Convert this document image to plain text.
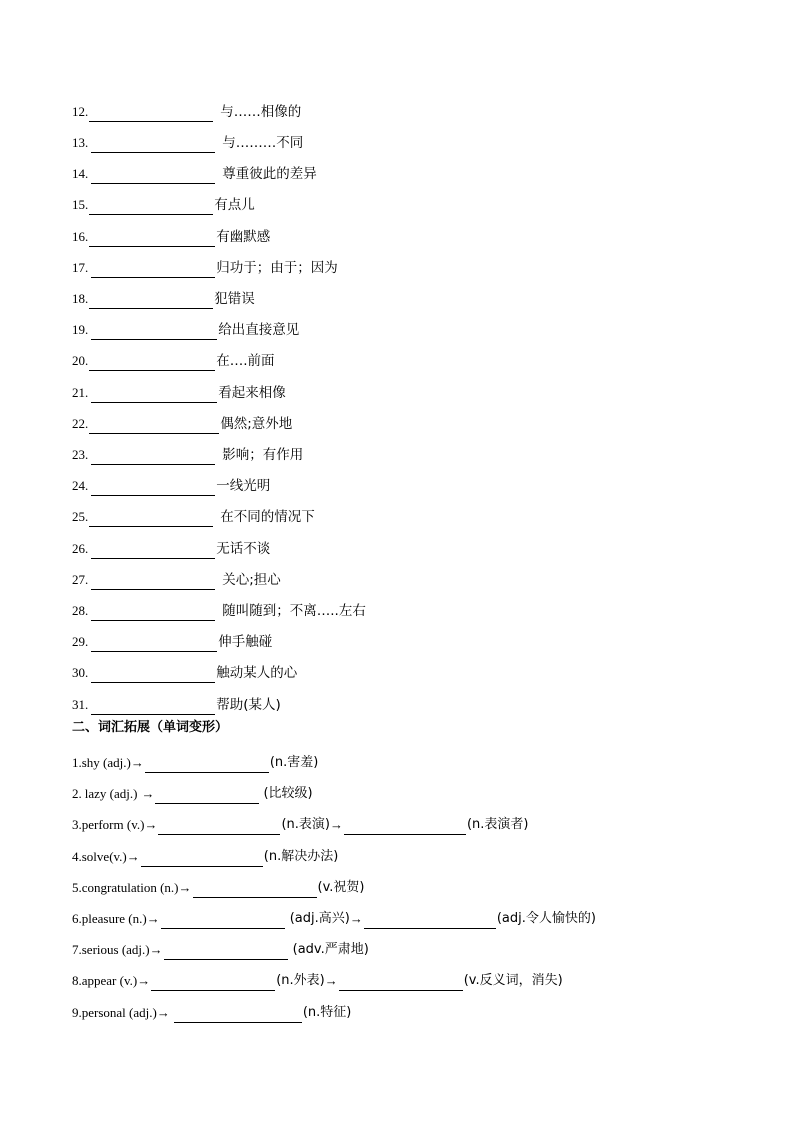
12.	与……相像的
13.	与………不同
14.	尊重彼此的差异
15.	有点儿
16.	有幽默感
17.	归功于；由于；因为
18.	犯错误
19.	给出直接意见
20.	在….前面
21.	看起来相像
22.	偶然;意外地
23.	影响；有作用
24.	一线光明
25.	在不同的情况下
26.	无话不谈
27.	关心;担心
28.	随叫随到；不离…..左右
29.	伸手触碰
30.	触动某人的心
31.	帮助(某人)
二、词汇拓展（单词变形）
1. shy (adj.) →	(n.害羞)
2. lazy (adj.) →	(比较级)
3. perform (v.) →	(n.表演) →	(n.表演者)
4. solve(v.) →	(n.解决办法)
5. congratulation (n.) →	(v.祝贺)
6. pleasure (n.) →	(adj.高兴) →	(adj.令人愉快的)
7. serious (adj.) →	(adv.严肃地)
8. appear (v.) →	(n.外表) →	(v.反义词，消失)
9. personal (adj.) →	(n.特征)
